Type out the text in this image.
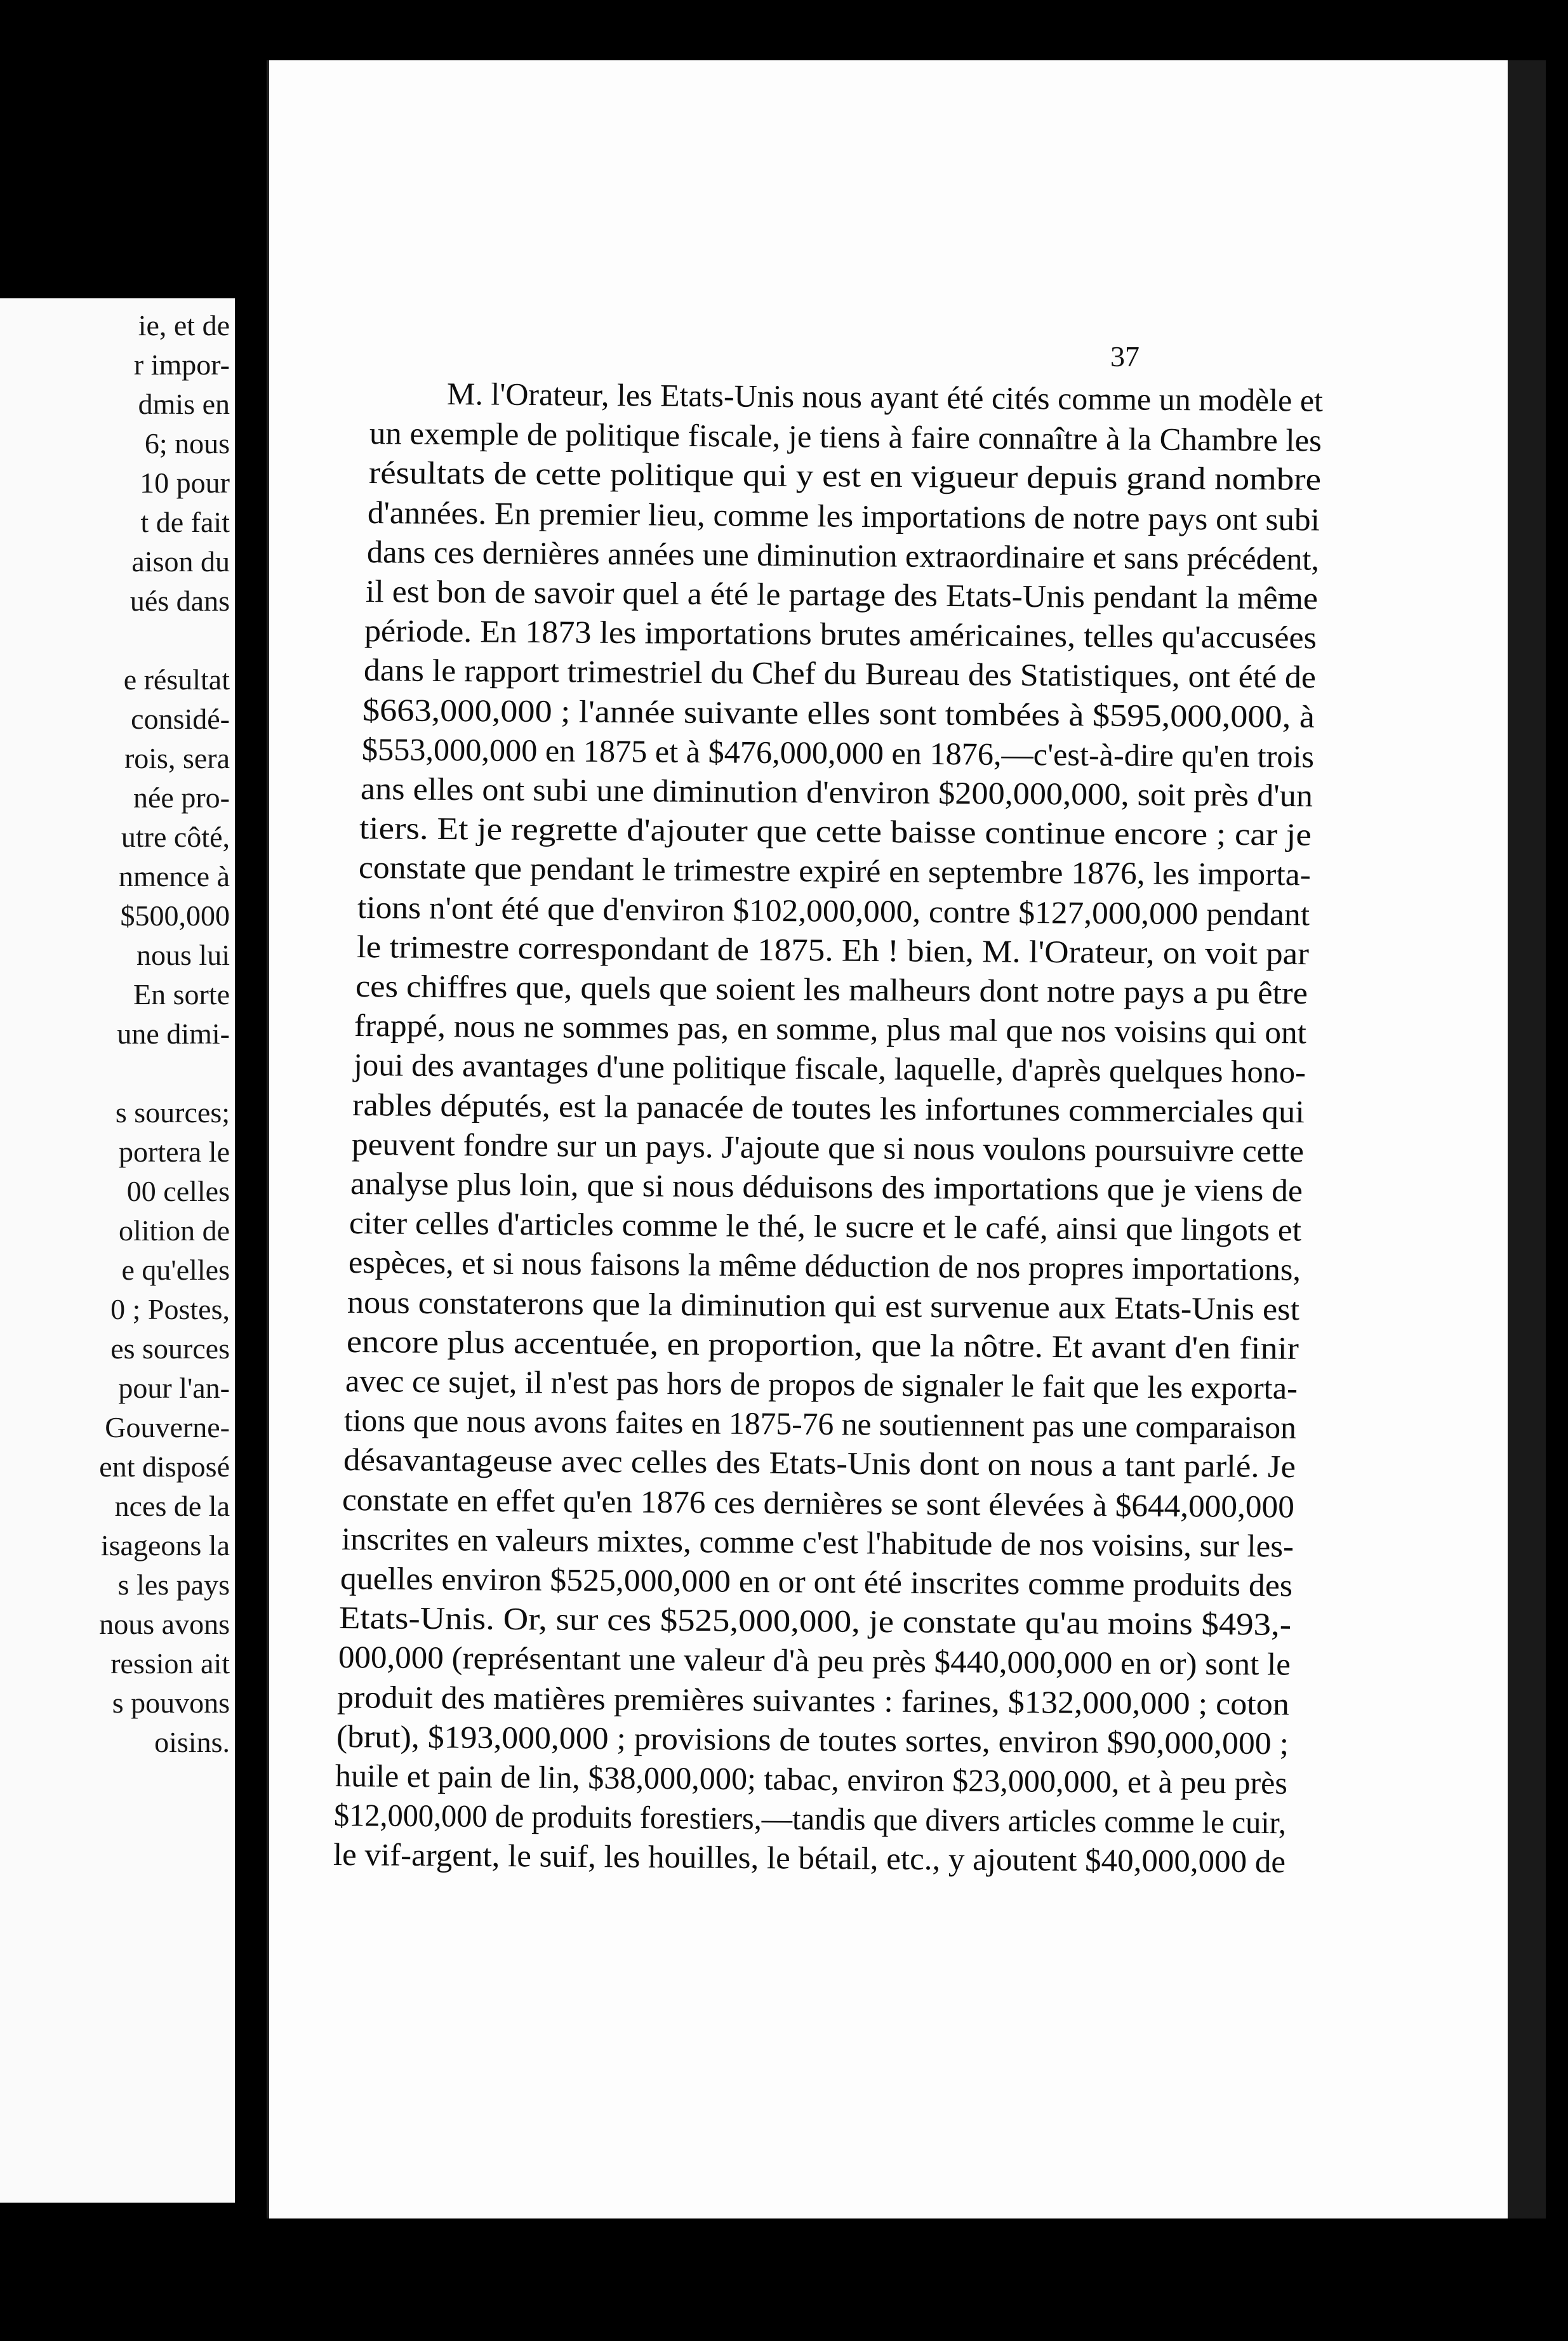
ie, et de
r impor-
dmis en
6; nous
10 pour
t de fait
aison du
ués dans
e résultat
considé-
rois, sera
née pro-
utre côté,
nmence à
$500,000
nous lui
En sorte
une dimi-
s sources;
portera le
00 celles
olition de
e qu'elles
0 ; Postes,
es sources
pour l'an-
Gouverne-
ent disposé
nces de la
isageons la
s les pays
nous avons
ression ait
s pouvons
oisins.
37
M. l'Orateur, les Etats-Unis nous ayant été cités comme un modèle et
un exemple de politique fiscale, je tiens à faire connaître à la Chambre les
résultats de cette politique qui y est en vigueur depuis grand nombre
d'années. En premier lieu, comme les importations de notre pays ont subi
dans ces dernières années une diminution extraordinaire et sans précédent,
il est bon de savoir quel a été le partage des Etats-Unis pendant la même
période. En 1873 les importations brutes américaines, telles qu'accusées
dans le rapport trimestriel du Chef du Bureau des Statistiques, ont été de
$663,000,000 ; l'année suivante elles sont tombées à $595,000,000, à
$553,000,000 en 1875 et à $476,000,000 en 1876,—c'est-à-dire qu'en trois
ans elles ont subi une diminution d'environ $200,000,000, soit près d'un
tiers. Et je regrette d'ajouter que cette baisse continue encore ; car je
constate que pendant le trimestre expiré en septembre 1876, les importa-
tions n'ont été que d'environ $102,000,000, contre $127,000,000 pendant
le trimestre correspondant de 1875. Eh ! bien, M. l'Orateur, on voit par
ces chiffres que, quels que soient les malheurs dont notre pays a pu être
frappé, nous ne sommes pas, en somme, plus mal que nos voisins qui ont
joui des avantages d'une politique fiscale, laquelle, d'après quelques hono-
rables députés, est la panacée de toutes les infortunes commerciales qui
peuvent fondre sur un pays. J'ajoute que si nous voulons poursuivre cette
analyse plus loin, que si nous déduisons des importations que je viens de
citer celles d'articles comme le thé, le sucre et le café, ainsi que lingots et
espèces, et si nous faisons la même déduction de nos propres importations,
nous constaterons que la diminution qui est survenue aux Etats-Unis est
encore plus accentuée, en proportion, que la nôtre. Et avant d'en finir
avec ce sujet, il n'est pas hors de propos de signaler le fait que les exporta-
tions que nous avons faites en 1875-76 ne soutiennent pas une comparaison
désavantageuse avec celles des Etats-Unis dont on nous a tant parlé. Je
constate en effet qu'en 1876 ces dernières se sont élevées à $644,000,000
inscrites en valeurs mixtes, comme c'est l'habitude de nos voisins, sur les-
quelles environ $525,000,000 en or ont été inscrites comme produits des
Etats-Unis. Or, sur ces $525,000,000, je constate qu'au moins $493,-
000,000 (représentant une valeur d'à peu près $440,000,000 en or) sont le
produit des matières premières suivantes : farines, $132,000,000 ; coton
(brut), $193,000,000 ; provisions de toutes sortes, environ $90,000,000 ;
huile et pain de lin, $38,000,000; tabac, environ $23,000,000, et à peu près
$12,000,000 de produits forestiers,—tandis que divers articles comme le cuir,
le vif-argent, le suif, les houilles, le bétail, etc., y ajoutent $40,000,000 de
